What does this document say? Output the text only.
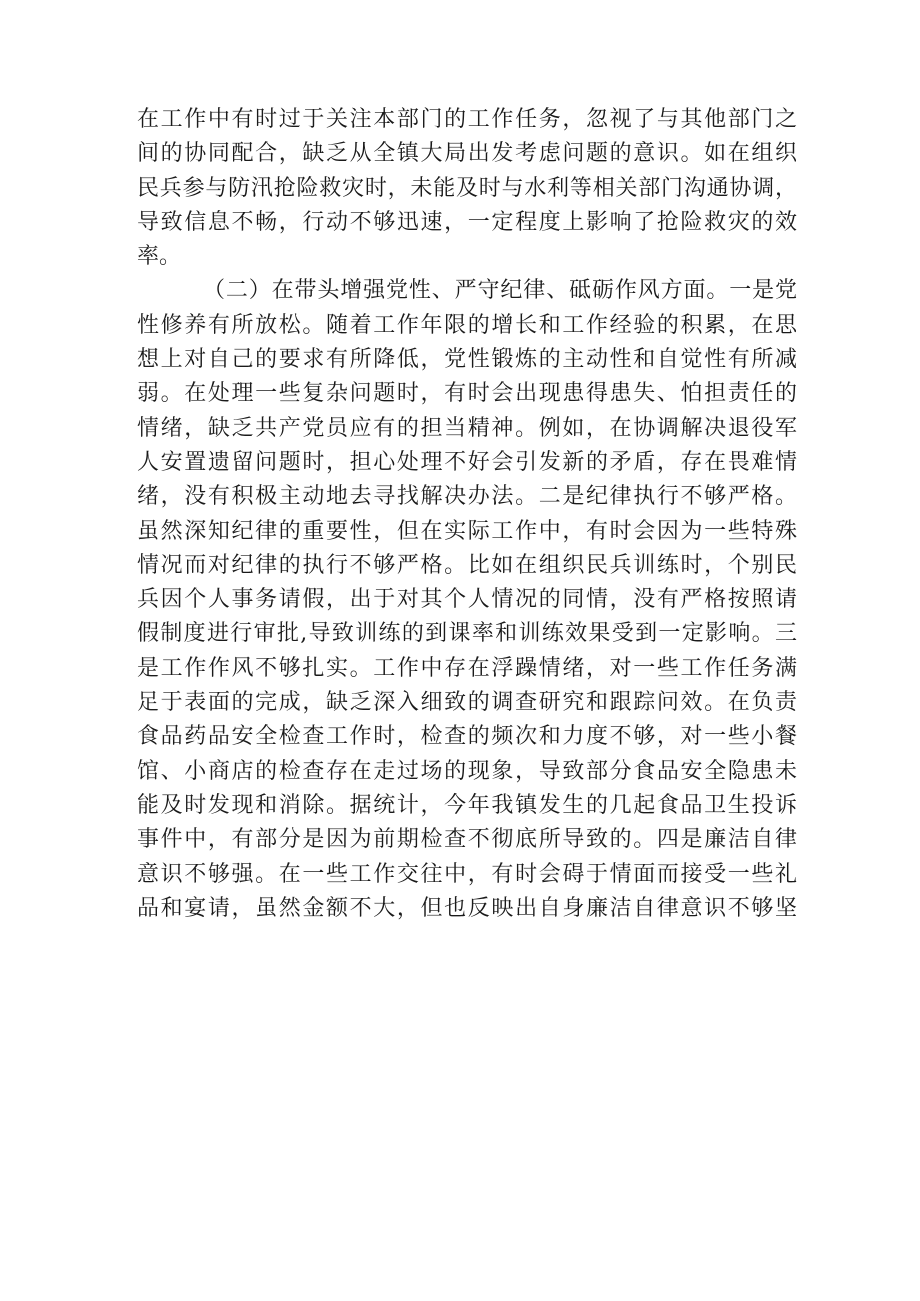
在工作中有时过于关注本部门的工作任务，忽视了与其他部门之
间的协同配合，缺乏从全镇大局出发考虑问题的意识。如在组织
民兵参与防汛抢险救灾时，未能及时与水利等相关部门沟通协调，
导致信息不畅，行动不够迅速，一定程度上影响了抢险救灾的效
率。
（二）在带头增强党性、严守纪律、砥砺作风方面。一是党
性修养有所放松。随着工作年限的增长和工作经验的积累，在思
想上对自己的要求有所降低，党性锻炼的主动性和自觉性有所减
弱。在处理一些复杂问题时，有时会出现患得患失、怕担责任的
情绪，缺乏共产党员应有的担当精神。例如，在协调解决退役军
人安置遗留问题时，担心处理不好会引发新的矛盾，存在畏难情
绪，没有积极主动地去寻找解决办法。二是纪律执行不够严格。
虽然深知纪律的重要性，但在实际工作中，有时会因为一些特殊
情况而对纪律的执行不够严格。比如在组织民兵训练时，个别民
兵因个人事务请假，出于对其个人情况的同情，没有严格按照请
假制度进行审批,导致训练的到课率和训练效果受到一定影响。三
是工作作风不够扎实。工作中存在浮躁情绪，对一些工作任务满
足于表面的完成，缺乏深入细致的调查研究和跟踪问效。在负责
食品药品安全检查工作时，检查的频次和力度不够，对一些小餐
馆、小商店的检查存在走过场的现象，导致部分食品安全隐患未
能及时发现和消除。据统计，今年我镇发生的几起食品卫生投诉
事件中，有部分是因为前期检查不彻底所导致的。四是廉洁自律
意识不够强。在一些工作交往中，有时会碍于情面而接受一些礼
品和宴请，虽然金额不大，但也反映出自身廉洁自律意识不够坚
